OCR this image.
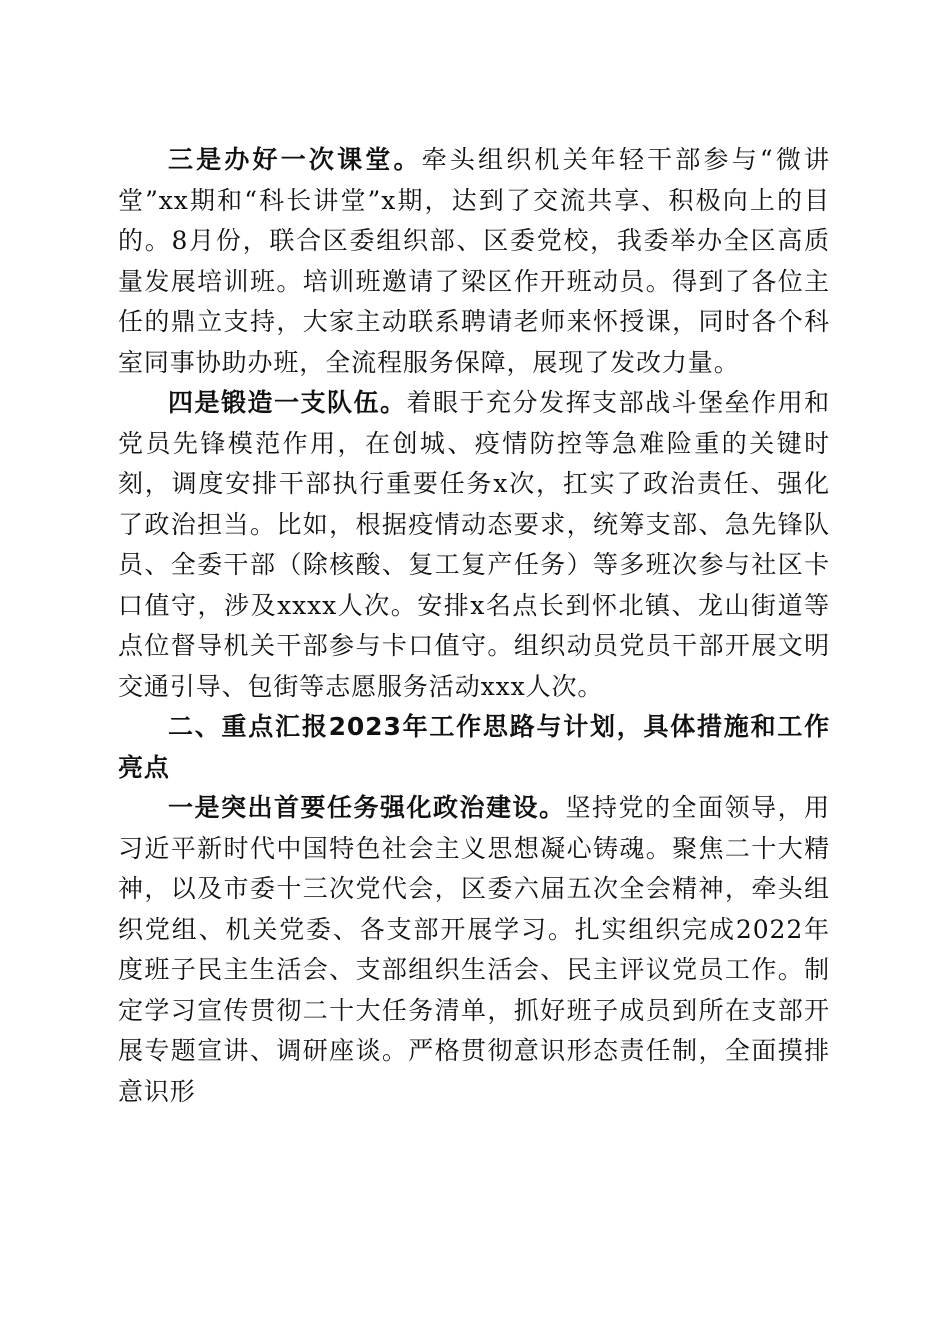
三是办好一次课堂。牵头组织机关年轻干部参与“微讲堂”xx期和“科长讲堂”x期，达到了交流共享、积极向上的目的。8月份，联合区委组织部、区委党校，我委举办全区高质量发展培训班。培训班邀请了梁区作开班动员。得到了各位主任的鼎立支持，大家主动联系聘请老师来怀授课，同时各个科室同事协助办班，全流程服务保障，展现了发改力量。

四是锻造一支队伍。着眼于充分发挥支部战斗堡垒作用和党员先锋模范作用，在创城、疫情防控等急难险重的关键时刻，调度安排干部执行重要任务x次，扛实了政治责任、强化了政治担当。比如，根据疫情动态要求，统筹支部、急先锋队员、全委干部（除核酸、复工复产任务）等多班次参与社区卡口值守，涉及xxxx人次。安排x名点长到怀北镇、龙山街道等点位督导机关干部参与卡口值守。组织动员党员干部开展文明交通引导、包街等志愿服务活动xxx人次。

二、重点汇报2023年工作思路与计划，具体措施和工作亮点

一是突出首要任务强化政治建设。坚持党的全面领导，用习近平新时代中国特色社会主义思想凝心铸魂。聚焦二十大精神，以及市委十三次党代会，区委六届五次全会精神，牵头组织党组、机关党委、各支部开展学习。扎实组织完成2022年度班子民主生活会、支部组织生活会、民主评议党员工作。制定学习宣传贯彻二十大任务清单，抓好班子成员到所在支部开展专题宣讲、调研座谈。严格贯彻意识形态责任制，全面摸排意识形
